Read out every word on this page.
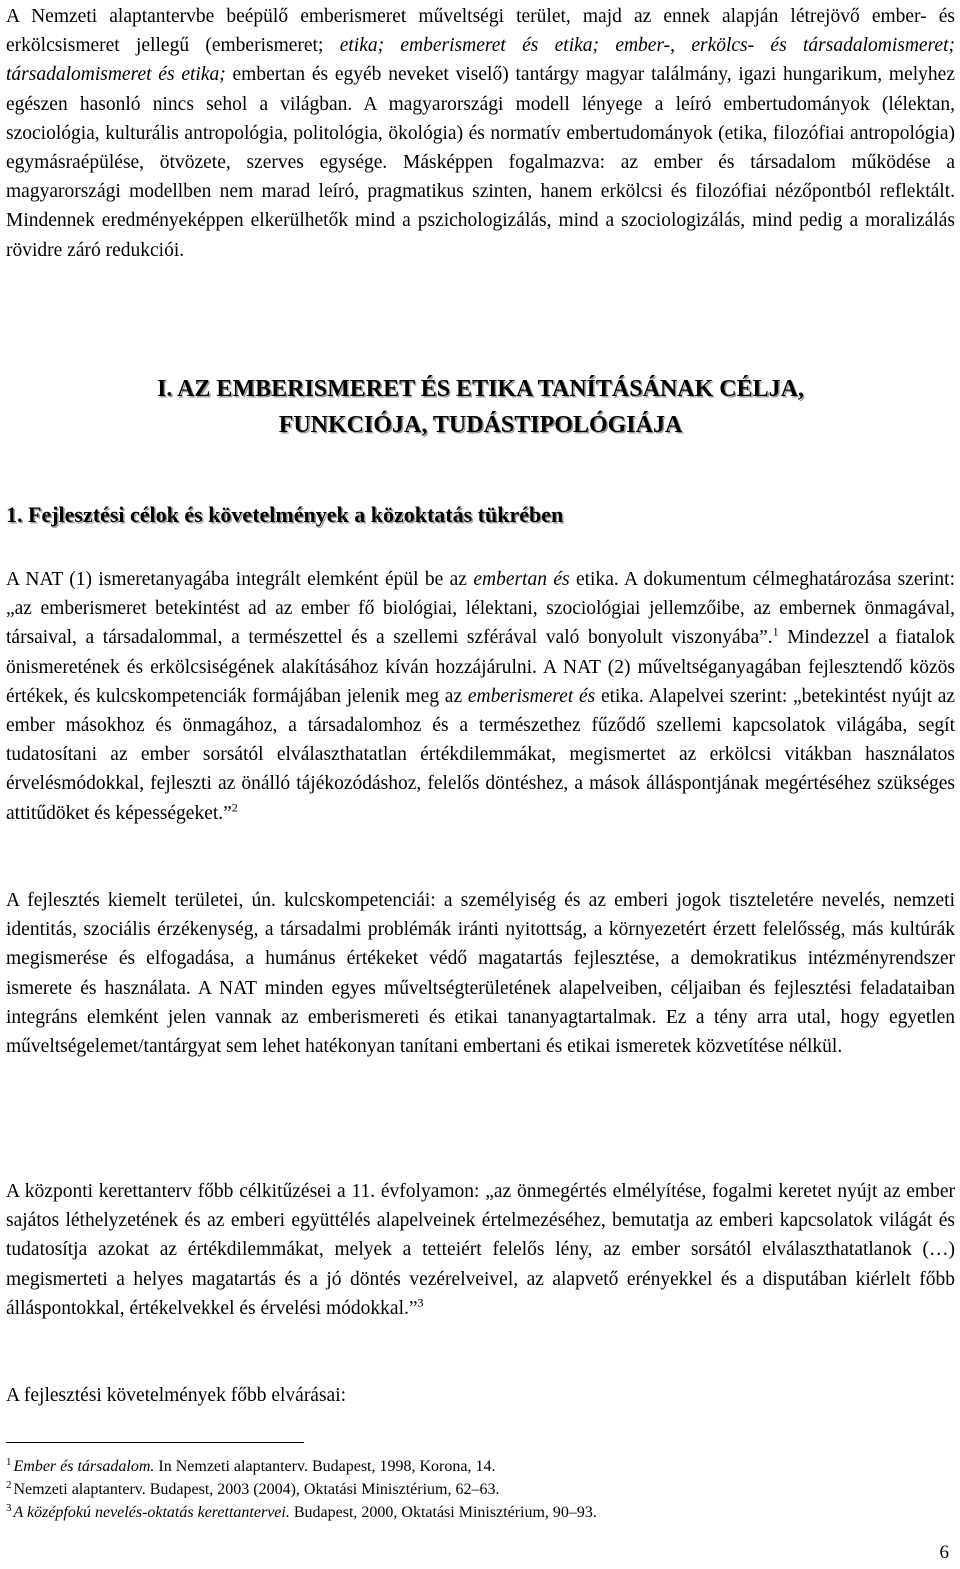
A Nemzeti alaptantervbe beépülő emberismeret műveltségi terület, majd az ennek alapján létrejövő ember- és erkölcsismeret jellegű (emberismeret; etika; emberismeret és etika; ember-, erkölcs- és társadalomismeret; társadalomismeret és etika; embertan és egyéb neveket viselő) tantárgy magyar találmány, igazi hungarikum, melyhez egészen hasonló nincs sehol a világban. A magyarországi modell lényege a leíró embertudományok (lélektan, szociológia, kulturális antropológia, politológia, ökológia) és normatív embertudományok (etika, filozófiai antropológia) egymásraépülése, ötvözete, szerves egysége. Másképpen fogalmazva: az ember és társadalom működése a magyarországi modellben nem marad leíró, pragmatikus szinten, hanem erkölcsi és filozófiai nézőpontból reflektált. Mindennek eredményeképpen elkerülhetők mind a pszichologizálás, mind a szociologizálás, mind pedig a moralizálás rövidre záró redukciói.

I. AZ EMBERISMERET ÉS ETIKA TANÍTÁSÁNAK CÉLJA,
FUNKCIÓJA, TUDÁSTIPOLÓGIÁJA
1. Fejlesztési célok és követelmények a közoktatás tükrében

A NAT (1) ismeretanyagába integrált elemként épül be az embertan és etika. A dokumentum célmeghatározása szerint: „az emberismeret betekintést ad az ember fő biológiai, lélektani, szociológiai jellemzőibe, az embernek önmagával, társaival, a társadalommal, a természettel és a szellemi szférával való bonyolult viszonyába”.$^1$ Mindezzel a fiatalok önismeretének és erkölcsiségének alakításához kíván hozzájárulni. A NAT (2) műveltséganyagában fejlesztendő közös értékek, és kulcskompetenciák formájában jelenik meg az emberismeret és etika. Alapelvei szerint: „betekintést nyújt az ember másokhoz és önmagához, a társadalomhoz és a természethez fűződő szellemi kapcsolatok világába, segít tudatosítani az ember sorsától elválaszthatatlan értékdilemmákat, megismertet az erkölcsi vitákban használatos érvelésmódokkal, fejleszti az önálló tájékozódáshoz, felelős döntéshez, a mások álláspontjának megértéséhez szükséges attitűdöket és képességeket.”$^2$

A fejlesztés kiemelt területei, ún. kulcskompetenciái: a személyiség és az emberi jogok tiszteletére nevelés, nemzeti identitás, szociális érzékenység, a társadalmi problémák iránti nyitottság, a környezetért érzett felelősség, más kultúrák megismerése és elfogadása, a humánus értékeket védő magatartás fejlesztése, a demokratikus intézményrendszer ismerete és használata. A NAT minden egyes műveltségterületének alapelveiben, céljaiban és fejlesztési feladataiban integráns elemként jelen vannak az emberismereti és etikai tananyagtartalmak. Ez a tény arra utal, hogy egyetlen műveltségelemet/tantárgyat sem lehet hatékonyan tanítani embertani és etikai ismeretek közvetítése nélkül.

A központi kerettanterv főbb célkitűzései a 11. évfolyamon: „az önmegértés elmélyítése, fogalmi keretet nyújt az ember sajátos léthelyzetének és az emberi együttélés alapelveinek értelmezéséhez, bemutatja az emberi kapcsolatok világát és tudatosítja azokat az értékdilemmákat, melyek a tetteiért felelős lény, az ember sorsától elválaszthatatlanok (…) megismerteti a helyes magatartás és a jó döntés vezérelveivel, az alapvető erényekkel és a disputában kiérlelt főbb álláspontokkal, értékelvekkel és érvelési módokkal.”$^3$

A fejlesztési követelmények főbb elvárásai:

$^1$ Ember és társadalom. In Nemzeti alaptanterv. Budapest, 1998, Korona, 14.
$^2$ Nemzeti alaptanterv. Budapest, 2003 (2004), Oktatási Minisztérium, 62–63.
$^3$ A középfokú nevelés-oktatás kerettantervei. Budapest, 2000, Oktatási Minisztérium, 90–93.
6
